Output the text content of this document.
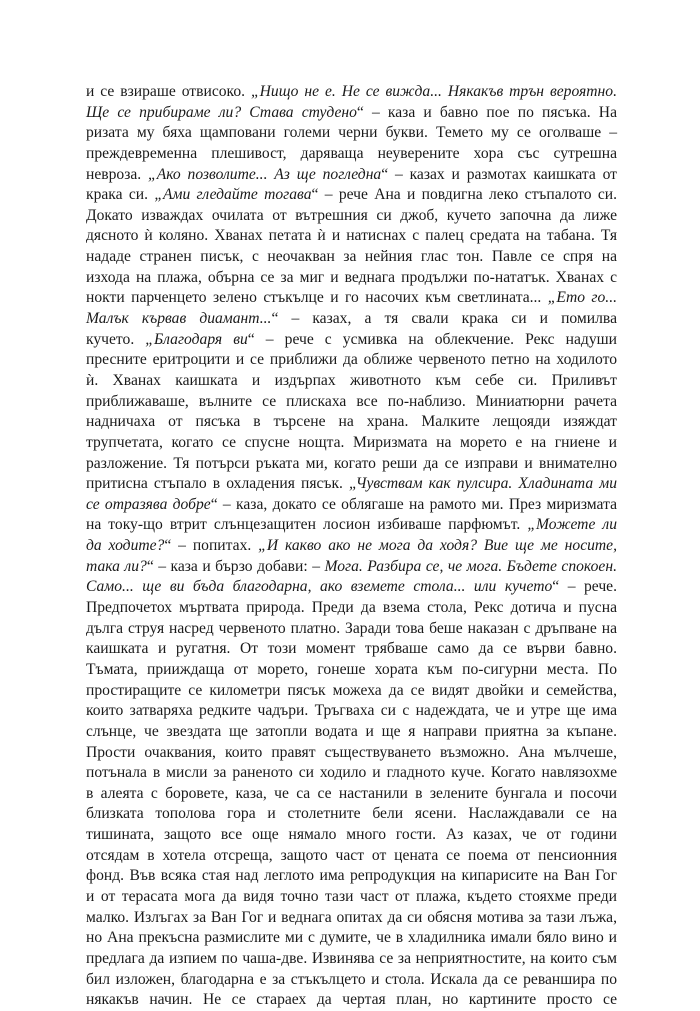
и се взираше отвисоко. „Нищо не е. Не се вижда... Някакъв трън вероятно.
Ще се прибираме ли? Става студено“ – каза и бавно пое по пясъка. На
ризата му бяха щамповани големи черни букви. Темето му се оголваше –
преждевременна плешивост, даряваща неуверените хора със сутрешна
невроза. „Ако позволите... Аз ще погледна“ – казах и размотах каишката от
крака си. „Ами гледайте тогава“ – рече Ана и повдигна леко стъпалото си.
Докато изваждах очилата от вътрешния си джоб, кучето започна да лиже
дясното ѝ коляно. Хванах петата ѝ и натиснах с палец средата на табана. Тя
нададе странен писък, с неочакван за нейния глас тон. Павле се спря на
изхода на плажа, обърна се за миг и веднага продължи по-нататък. Хванах с
нокти парченцето зелено стъкълце и го насочих към светлината... „Ето го...
Малък кървав диамант...“ – казах, а тя свали крака си и помилва
кучето. „Благодаря ви“ – рече с усмивка на облекчение. Рекс надуши
пресните еритроцити и се приближи да оближе червеното петно на ходилото
ѝ. Хванах каишката и издърпах животното към себе си. Приливът
приближаваше, вълните се плискаха все по-наблизо. Миниатюрни рачета
надничаха от пясъка в търсене на храна. Малките лещояди изяждат
трупчетата, когато се спусне нощта. Миризмата на морето е на гниене и
разложение. Тя потърси ръката ми, когато реши да се изправи и внимателно
притисна стъпало в охладения пясък. „Чувствам как пулсира. Хладината ми
се отразява добре“ – каза, докато се облягаше на рамото ми. През миризмата
на току-що втрит слънцезащитен лосион избиваше парфюмът. „Можете ли
да ходите?“ – попитах. „И какво ако не мога да ходя? Вие ще ме носите,
така ли?“ – каза и бързо добави: – Мога. Разбира се, че мога. Бъдете спокоен.
Само... ще ви бъда благодарна, ако вземете стола... или кучето“ – рече.
Предпочетох мъртвата природа. Преди да взема стола, Рекс дотича и пусна
дълга струя насред червеното платно. Заради това беше наказан с дръпване на
каишката и ругатня. От този момент трябваше само да се върви бавно.
Тъмата, прииждаща от морето, гонеше хората към по-сигурни места. По
простиращите се километри пясък можеха да се видят двойки и семейства,
които затваряха редките чадъри. Тръгваха си с надеждата, че и утре ще има
слънце, че звездата ще затопли водата и ще я направи приятна за къпане.
Прости очаквания, които правят съществуването възможно. Ана мълчеше,
потънала в мисли за раненото си ходило и гладното куче. Когато навлязохме
в алеята с боровете, каза, че са се настанили в зелените бунгала и посочи
близката тополова гора и столетните бели ясени. Наслаждавали се на
тишината, защото все още нямало много гости. Аз казах, че от години
отсядам в хотела отсреща, защото част от цената се поема от пенсионния
фонд. Във всяка стая над леглото има репродукция на кипарисите на Ван Гог
и от терасата мога да видя точно тази част от плажа, където стояхме преди
малко. Излъгах за Ван Гог и веднага опитах да си обясня мотива за тази лъжа,
но Ана прекъсна размислите ми с думите, че в хладилника имали бяло вино и
предлага да изпием по чаша-две. Извинява се за неприятностите, на които съм
бил изложен, благодарна е за стъкълцето и стола. Искала да се реваншира по
някакъв начин. Не се стараех да чертая план, но картините просто се
